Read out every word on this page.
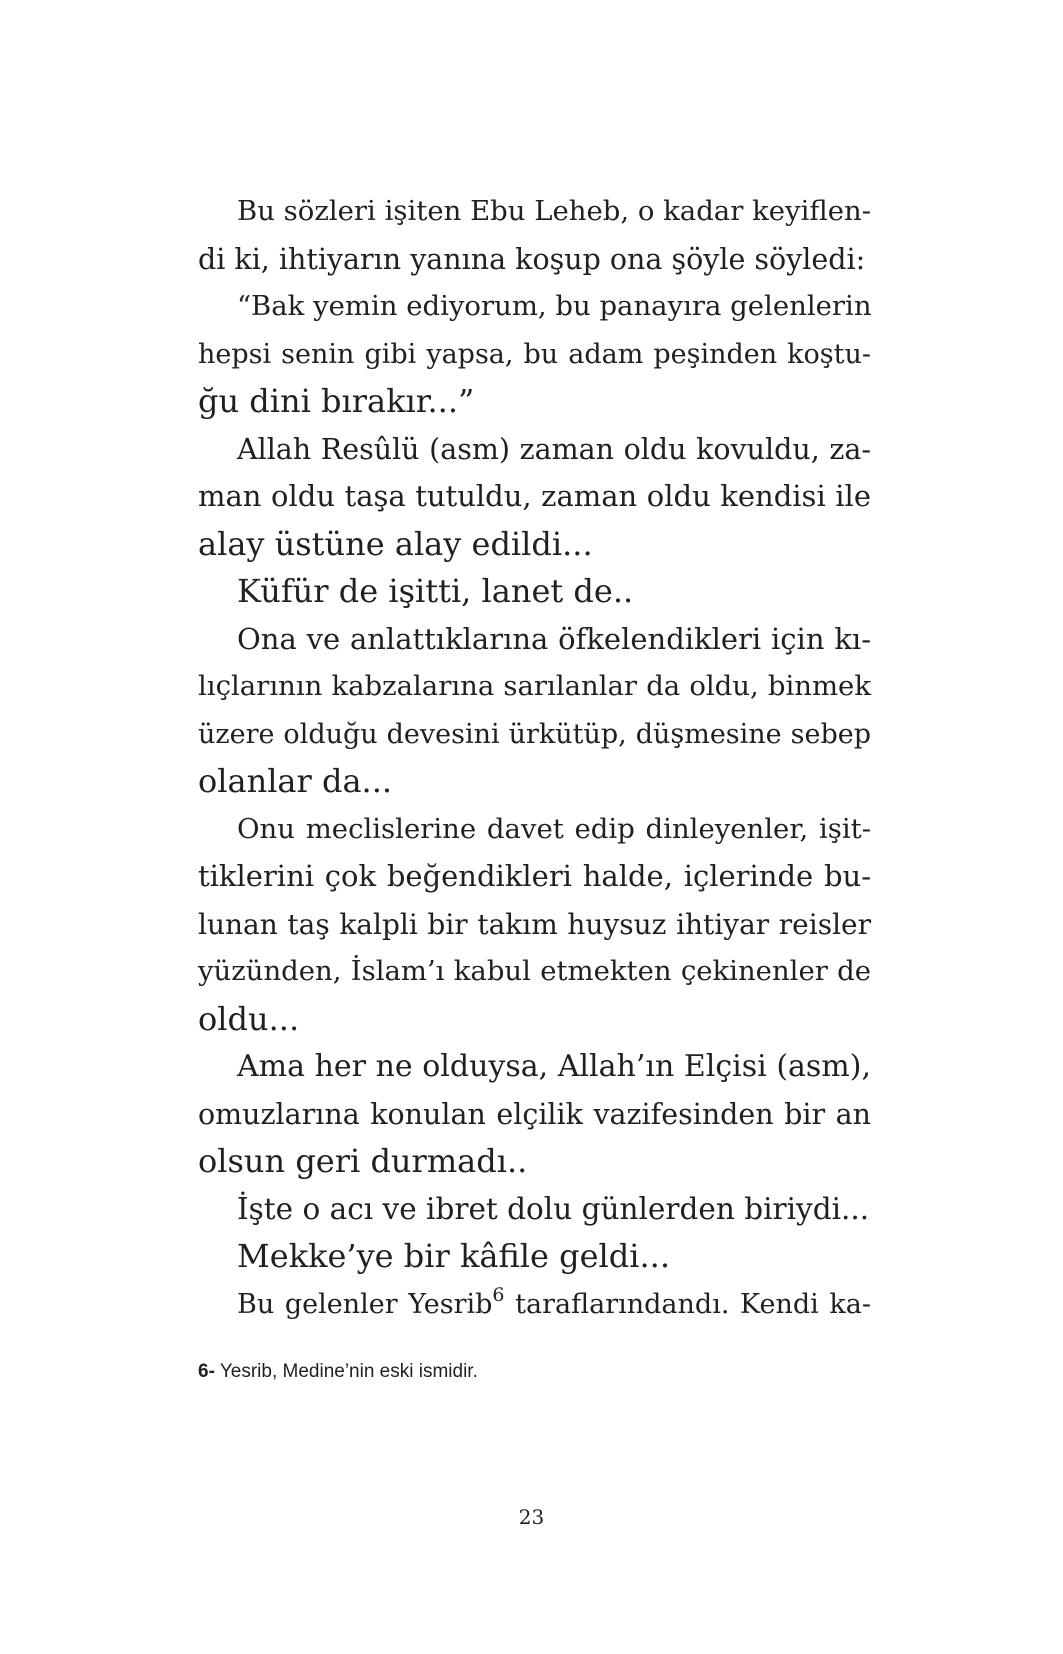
Bu sözleri işiten Ebu Leheb, o kadar keyiflen-
di ki, ihtiyarın yanına koşup ona şöyle söyledi:
“Bak yemin ediyorum, bu panayıra gelenlerin
hepsi senin gibi yapsa, bu adam peşinden koştu-
ğu dini bırakır...”
Allah Resûlü (asm) zaman oldu kovuldu, za-
man oldu taşa tutuldu, zaman oldu kendisi ile
alay üstüne alay edildi...
Küfür de işitti, lanet de..
Ona ve anlattıklarına öfkelendikleri için kı-
lıçlarının kabzalarına sarılanlar da oldu, binmek
üzere olduğu devesini ürkütüp, düşmesine sebep
olanlar da...
Onu meclislerine davet edip dinleyenler, işit-
tiklerini çok beğendikleri halde, içlerinde bu-
lunan taş kalpli bir takım huysuz ihtiyar reisler
yüzünden, İslam’ı kabul etmekten çekinenler de
oldu...
Ama her ne olduysa, Allah’ın Elçisi (asm),
omuzlarına konulan elçilik vazifesinden bir an
olsun geri durmadı..
İşte o acı ve ibret dolu günlerden biriydi...
Mekke’ye bir kâfile geldi...
Bu gelenler Yesrib$^6$ taraflarındandı. Kendi ka-
6- Yesrib, Medine’nin eski ismidir.
23
